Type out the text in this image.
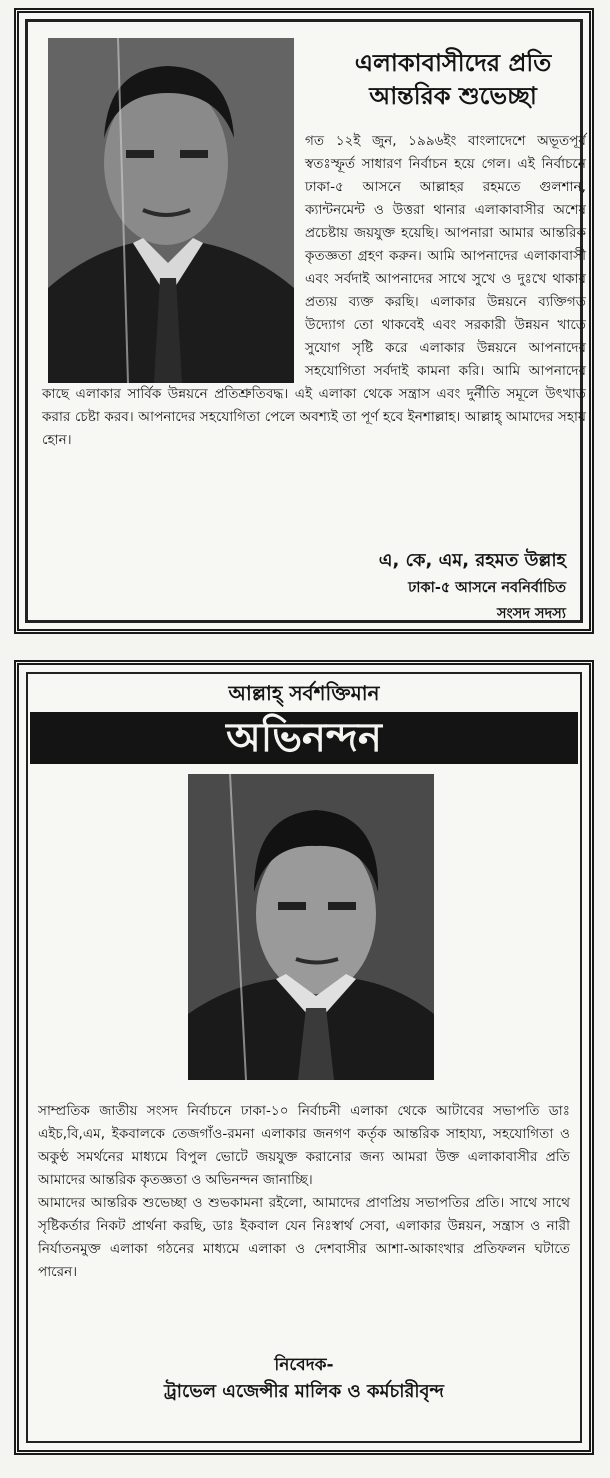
এলাকাবাসীদের প্রতি আন্তরিক শুভেচ্ছা
গত ১২ই জুন, ১৯৯৬ইং বাংলাদেশে অভূতপূর্ব স্বতঃস্ফূর্ত সাধারণ নির্বাচন হয়ে গেল। এই নির্বাচনে ঢাকা-৫ আসনে আল্লাহর রহমতে গুলশান, ক্যান্টনমেন্ট ও উত্তরা থানার এলাকাবাসীর অশেষ প্রচেষ্টায় জয়যুক্ত হয়েছি। আপনারা আমার আন্তরিক কৃতজ্ঞতা গ্রহণ করুন। আমি আপনাদের এলাকাবাসী এবং সর্বদাই আপনাদের সাথে সুখে ও দুঃখে থাকার প্রত্যয় ব্যক্ত করছি। এলাকার উন্নয়নে ব্যক্তিগত উদ্যোগ তো থাকবেই এবং সরকারী উন্নয়ন খাতে সুযোগ সৃষ্টি করে এলাকার উন্নয়নে আপনাদের সহযোগিতা সর্বদাই কামনা করি। আমি আপনাদের কাছে এলাকার সার্বিক উন্নয়নে প্রতিশ্রুতিবদ্ধ। এই এলাকা থেকে সন্ত্রাস এবং দুর্নীতি সমূলে উৎখাত করার চেষ্টা করব। আপনাদের সহযোগিতা পেলে অবশ্যই তা পূর্ণ হবে ইনশাল্লাহ। আল্লাহ্ আমাদের সহায় হোন।
এ, কে, এম, রহমত উল্লাহ
ঢাকা-৫ আসনে নবনির্বাচিত
সংসদ সদস্য
আল্লাহ্ সর্বশক্তিমান
অভিনন্দন

সাম্প্রতিক জাতীয় সংসদ নির্বাচনে ঢাকা-১০ নির্বাচনী এলাকা থেকে আটাবের সভাপতি ডাঃ এইচ,বি,এম, ইকবালকে তেজগাঁও-রমনা এলাকার জনগণ কর্তৃক আন্তরিক সাহায্য, সহযোগিতা ও অকুণ্ঠ সমর্থনের মাধ্যমে বিপুল ভোটে জয়যুক্ত করানোর জন্য আমরা উক্ত এলাকাবাসীর প্রতি আমাদের আন্তরিক কৃতজ্ঞতা ও অভিনন্দন জানাচ্ছি।

আমাদের আন্তরিক শুভেচ্ছা ও শুভকামনা রইলো, আমাদের প্রাণপ্রিয় সভাপতির প্রতি। সাথে সাথে সৃষ্টিকর্তার নিকট প্রার্থনা করছি, ডাঃ ইকবাল যেন নিঃস্বার্থ সেবা, এলাকার উন্নয়ন, সন্ত্রাস ও নারী নির্যাতনমুক্ত এলাকা গঠনের মাধ্যমে এলাকা ও দেশবাসীর আশা-আকাংখার প্রতিফলন ঘটাতে পারেন।

নিবেদক-
ট্রাভেল এজেন্সীর মালিক ও কর্মচারীবৃন্দ
